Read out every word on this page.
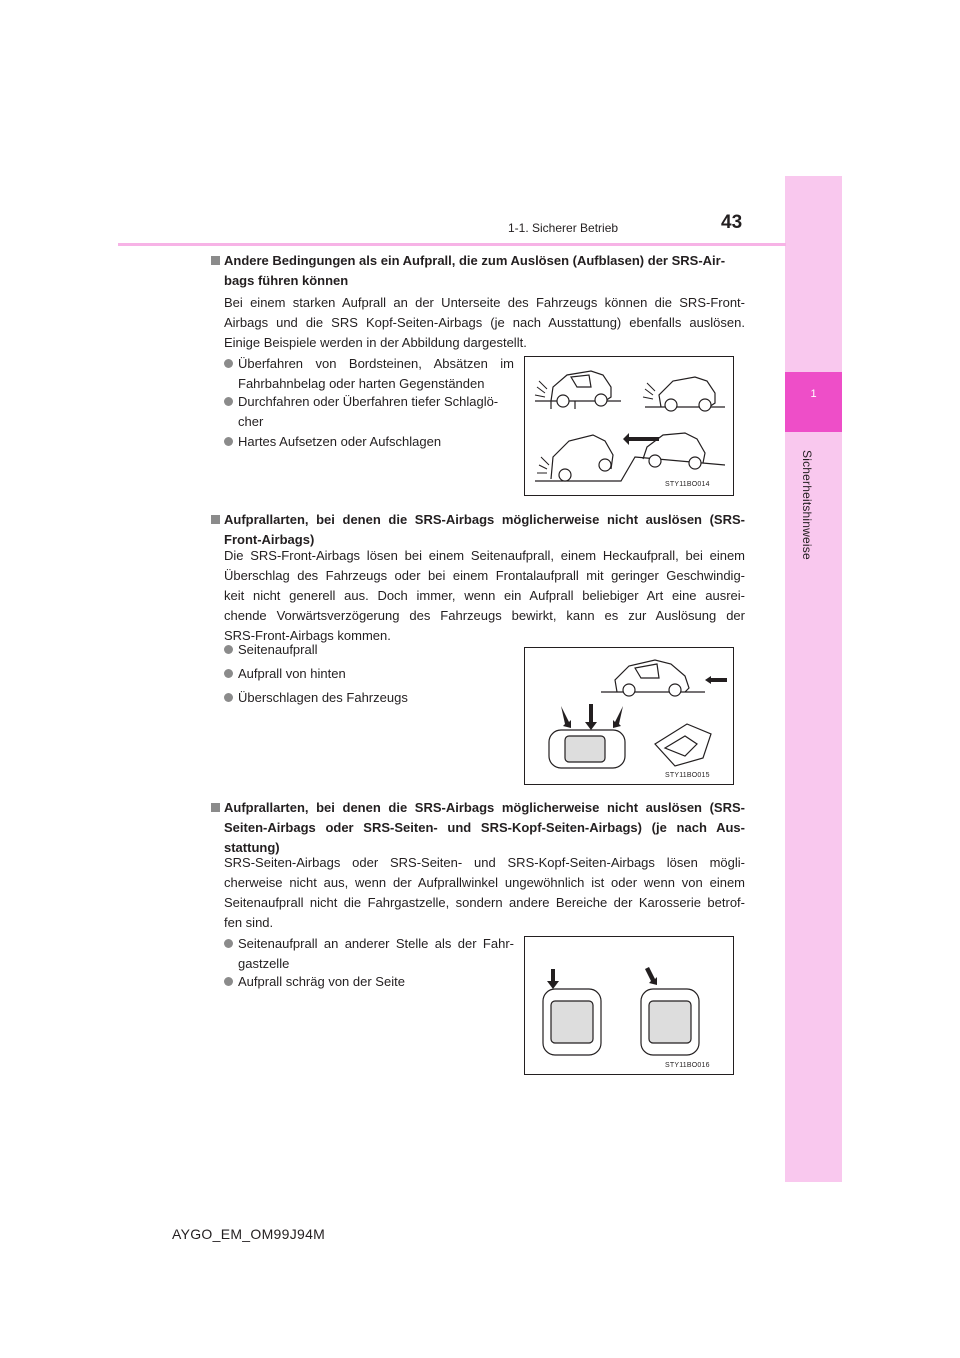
1
Sicherheitshinweise
1-1. Sicherer Betrieb	43
Andere Bedingungen als ein Aufprall, die zum Auslösen (Aufblasen) der SRS-Air-
bags führen können
Bei einem starken Aufprall an der Unterseite des Fahrzeugs können die SRS-Front-
Airbags und die SRS Kopf-Seiten-Airbags (je nach Ausstattung) ebenfalls auslösen.
Einige Beispiele werden in der Abbildung dargestellt.
Überfahren von Bordsteinen, Absätzen im
Fahrbahnbelag oder harten Gegenständen
Durchfahren oder Überfahren tiefer Schlaglö-
cher
Hartes Aufsetzen oder Aufschlagen
STY11BO014
Aufprallarten, bei denen die SRS-Airbags möglicherweise nicht auslösen (SRS-
Front-Airbags)
Die SRS-Front-Airbags lösen bei einem Seitenaufprall, einem Heckaufprall, bei einem
Überschlag des Fahrzeugs oder bei einem Frontalaufprall mit geringer Geschwindig-
keit nicht generell aus. Doch immer, wenn ein Aufprall beliebiger Art eine ausrei-
chende Vorwärtsverzögerung des Fahrzeugs bewirkt, kann es zur Auslösung der
SRS-Front-Airbags kommen.
Seitenaufprall
Aufprall von hinten
Überschlagen des Fahrzeugs
STY11BO015
Aufprallarten, bei denen die SRS-Airbags möglicherweise nicht auslösen (SRS-
Seiten-Airbags oder SRS-Seiten- und SRS-Kopf-Seiten-Airbags) (je nach Aus-
stattung)
SRS-Seiten-Airbags oder SRS-Seiten- und SRS-Kopf-Seiten-Airbags lösen mögli-
cherweise nicht aus, wenn der Aufprallwinkel ungewöhnlich ist oder wenn von einem
Seitenaufprall nicht die Fahrgastzelle, sondern andere Bereiche der Karosserie betrof-
fen sind.
Seitenaufprall an anderer Stelle als der Fahr-
gastzelle
Aufprall schräg von der Seite
STY11BO016
AYGO_EM_OM99J94M
